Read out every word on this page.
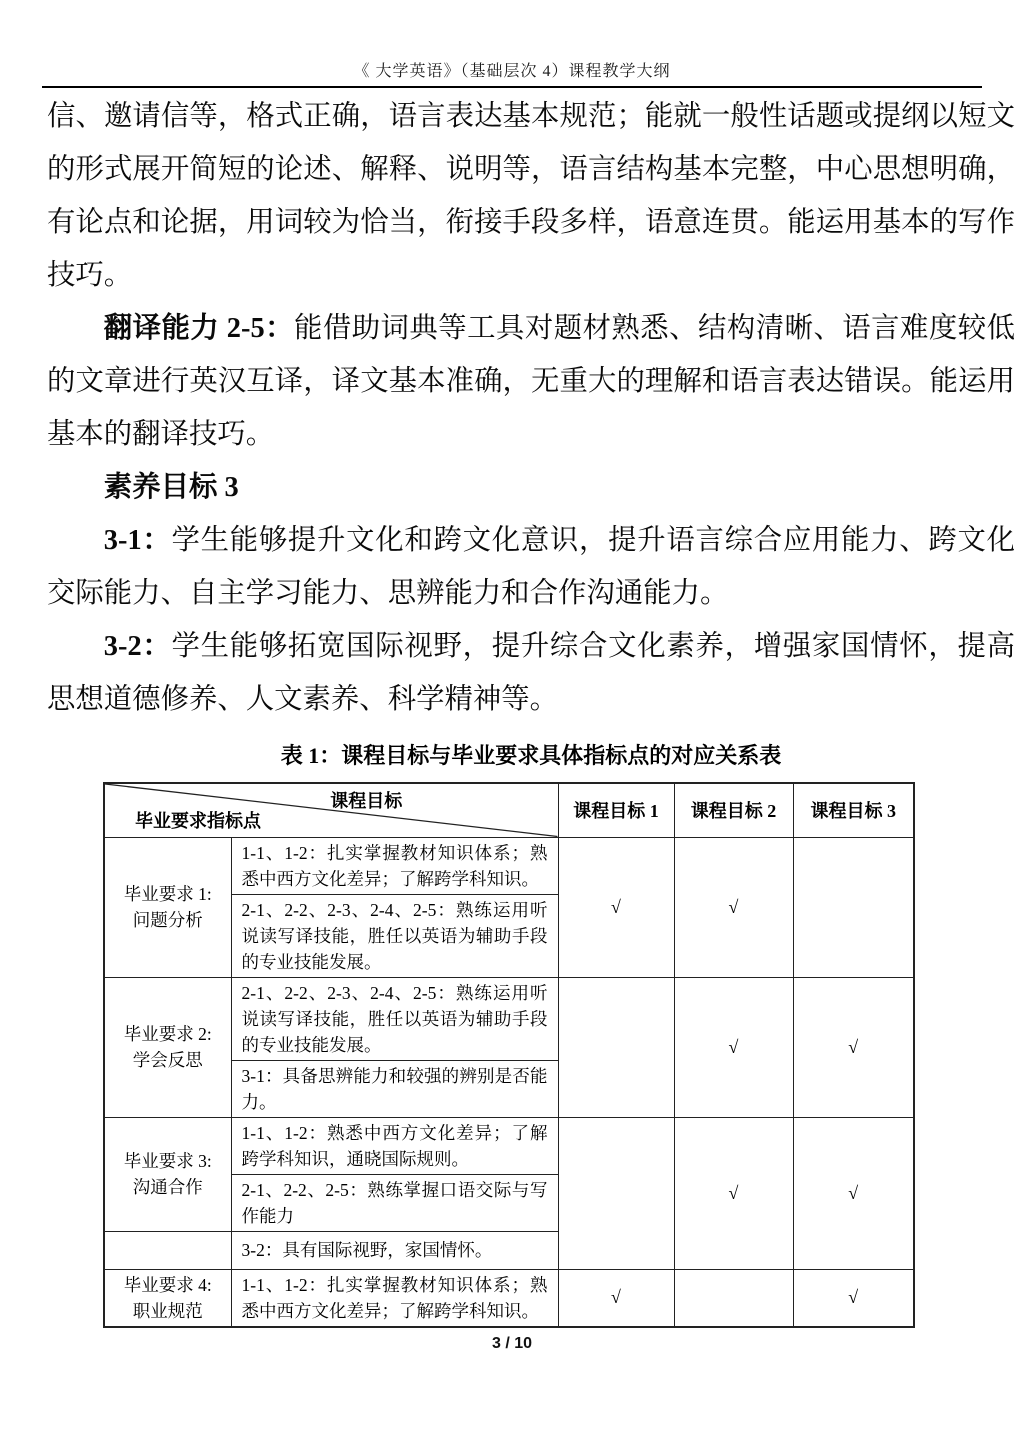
《 大学英语》（基础层次 4）课程教学大纲

信、邀请信等，格式正确，语言表达基本规范；能就一般性话题或提纲以短文的形式展开简短的论述、解释、说明等，语言结构基本完整，中心思想明确，有论点和论据，用词较为恰当，衔接手段多样，语意连贯。能运用基本的写作技巧。

翻译能力 2-5：能借助词典等工具对题材熟悉、结构清晰、语言难度较低的文章进行英汉互译，译文基本准确，无重大的理解和语言表达错误。能运用基本的翻译技巧。

素养目标 3

3-1：学生能够提升文化和跨文化意识，提升语言综合应用能力、跨文化交际能力、自主学习能力、思辨能力和合作沟通能力。

3-2：学生能够拓宽国际视野，提升综合文化素养，增强家国情怀，提高思想道德修养、人文素养、科学精神等。

表 1：课程目标与毕业要求具体指标点的对应关系表
课程目标
毕业要求指标点		课程目标 1	课程目标 2	课程目标 3

毕业要求 1:
问题分析	1-1、1-2：扎实掌握教材知识体系；熟悉中西方文化差异；了解跨学科知识。	√	√	
	2-1、2-2、2-3、2-4、2-5：熟练运用听说读写译技能，胜任以英语为辅助手段的专业技能发展。			

毕业要求 2:
学会反思	2-1、2-2、2-3、2-4、2-5：熟练运用听说读写译技能，胜任以英语为辅助手段的专业技能发展。		√	√
	3-1：具备思辨能力和较强的辨别是否能力。			

毕业要求 3:
沟通合作	1-1、1-2：熟悉中西方文化差异；了解跨学科知识，通晓国际规则。		√	√
	2-1、2-2、2-5：熟练掌握口语交际与写作能力			
	3-2：具有国际视野，家国情怀。			

毕业要求 4:
职业规范	1-1、1-2：扎实掌握教材知识体系；熟悉中西方文化差异；了解跨学科知识。	√		√
3 / 10
